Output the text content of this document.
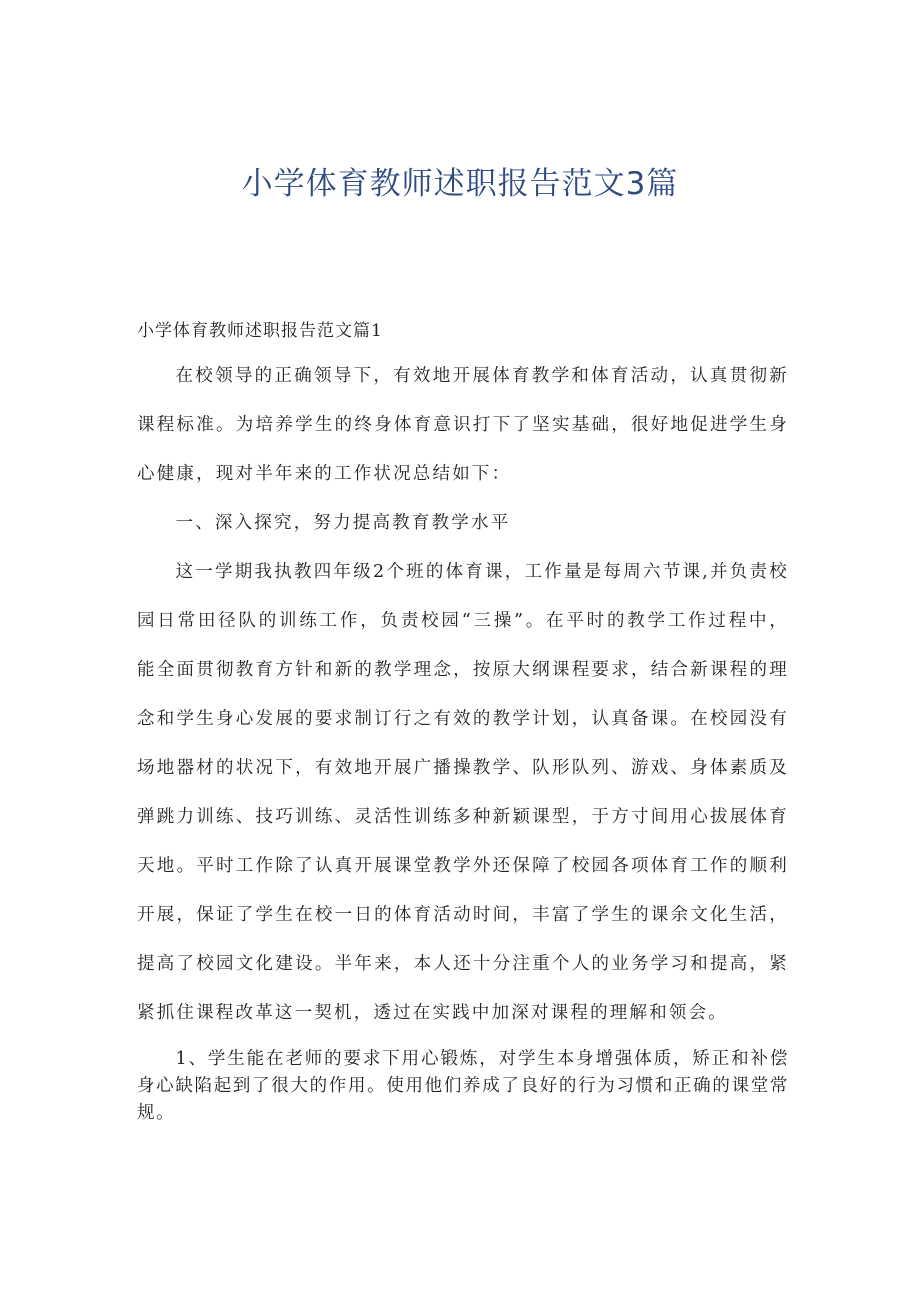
小学体育教师述职报告范文3篇
小学体育教师述职报告范文篇1

在校领导的正确领导下，有效地开展体育教学和体育活动，认真贯彻新课程标准。为培养学生的终身体育意识打下了坚实基础，很好地促进学生身心健康，现对半年来的工作状况总结如下：

一、深入探究，努力提高教育教学水平

这一学期我执教四年级2个班的体育课，工作量是每周六节课,并负责校园日常田径队的训练工作，负责校园“三操”。在平时的教学工作过程中，能全面贯彻教育方针和新的教学理念，按原大纲课程要求，结合新课程的理念和学生身心发展的要求制订行之有效的教学计划，认真备课。在校园没有场地器材的状况下，有效地开展广播操教学、队形队列、游戏、身体素质及弹跳力训练、技巧训练、灵活性训练多种新颖课型，于方寸间用心拔展体育天地。平时工作除了认真开展课堂教学外还保障了校园各项体育工作的顺利开展，保证了学生在校一日的体育活动时间，丰富了学生的课余文化生活，提高了校园文化建设。半年来，本人还十分注重个人的业务学习和提高，紧紧抓住课程改革这一契机，透过在实践中加深对课程的理解和领会。

1、学生能在老师的要求下用心锻炼，对学生本身增强体质，矫正和补偿身心缺陷起到了很大的作用。使用他们养成了良好的行为习惯和正确的课堂常规。
